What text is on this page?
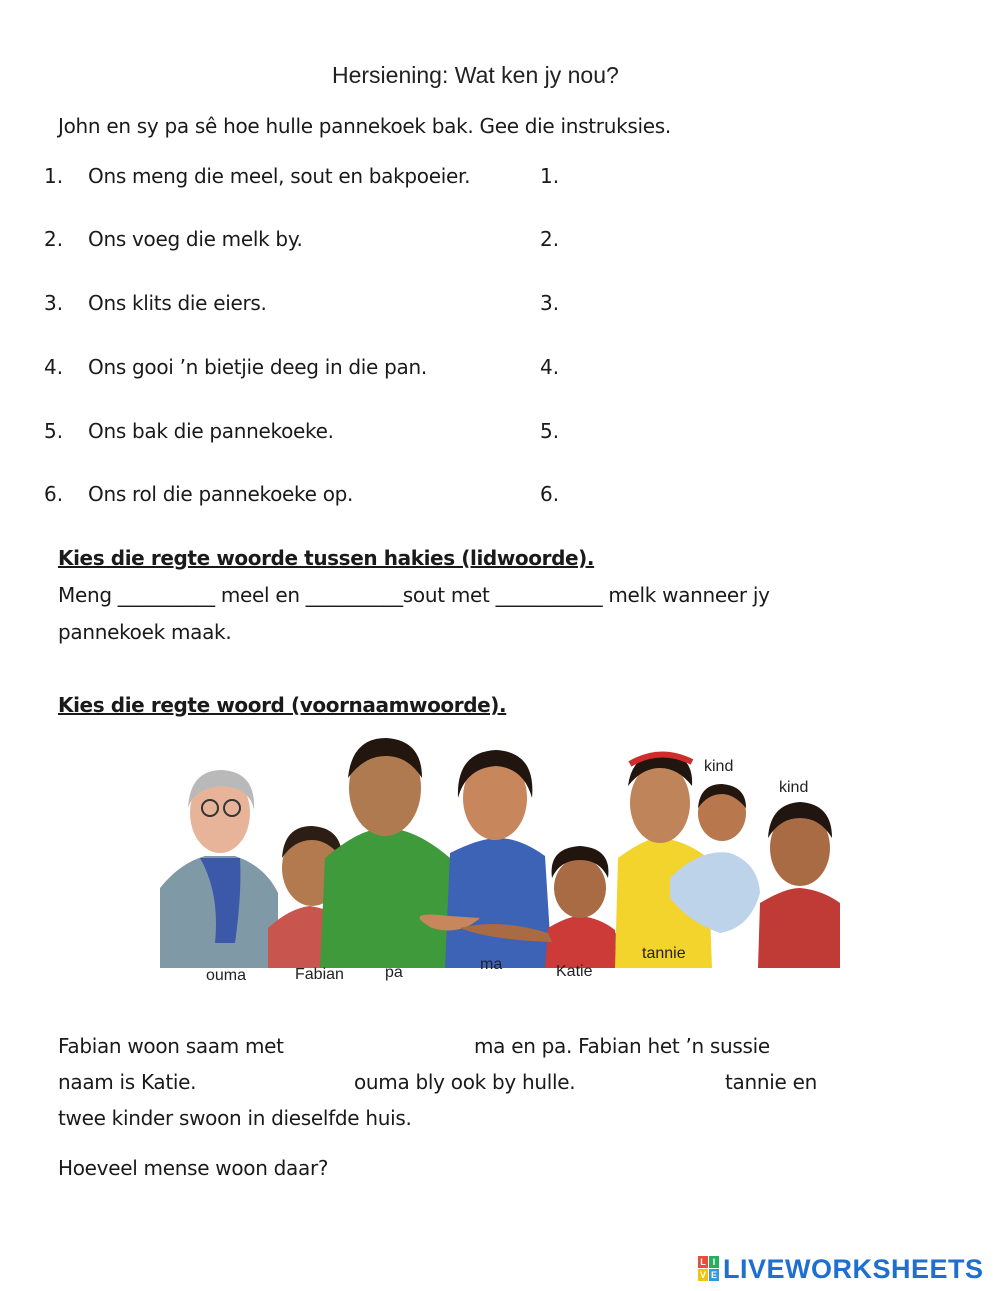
Hersiening: Wat ken jy nou?
John en sy pa sê hoe hulle pannekoek bak. Gee die instruksies.
1. Ons meng die meel, sout en bakpoeier.	1.
2. Ons voeg die melk by.	2.
3. Ons klits die eiers.	3.
4. Ons gooi ’n bietjie deeg in die pan.	4.
5. Ons bak die pannekoeke.	5.
6. Ons rol die pannekoeke op.	6.
Kies die regte woorde tussen hakies (lidwoorde).
Meng __________ meel en __________sout met ___________ melk wanneer jy
pannekoek maak.
Kies die regte woord (voornaamwoorde).
ouma	Fabian	pa	ma	Katie
tannie
kind
kind
Fabian woon saam met	ma en pa. Fabian het ’n sussie
naam is Katie.	ouma bly ook by hulle.	tannie en
twee kinder swoon in dieselfde huis.
Hoeveel mense woon daar?
L I
V E LIVEWORKSHEETS
